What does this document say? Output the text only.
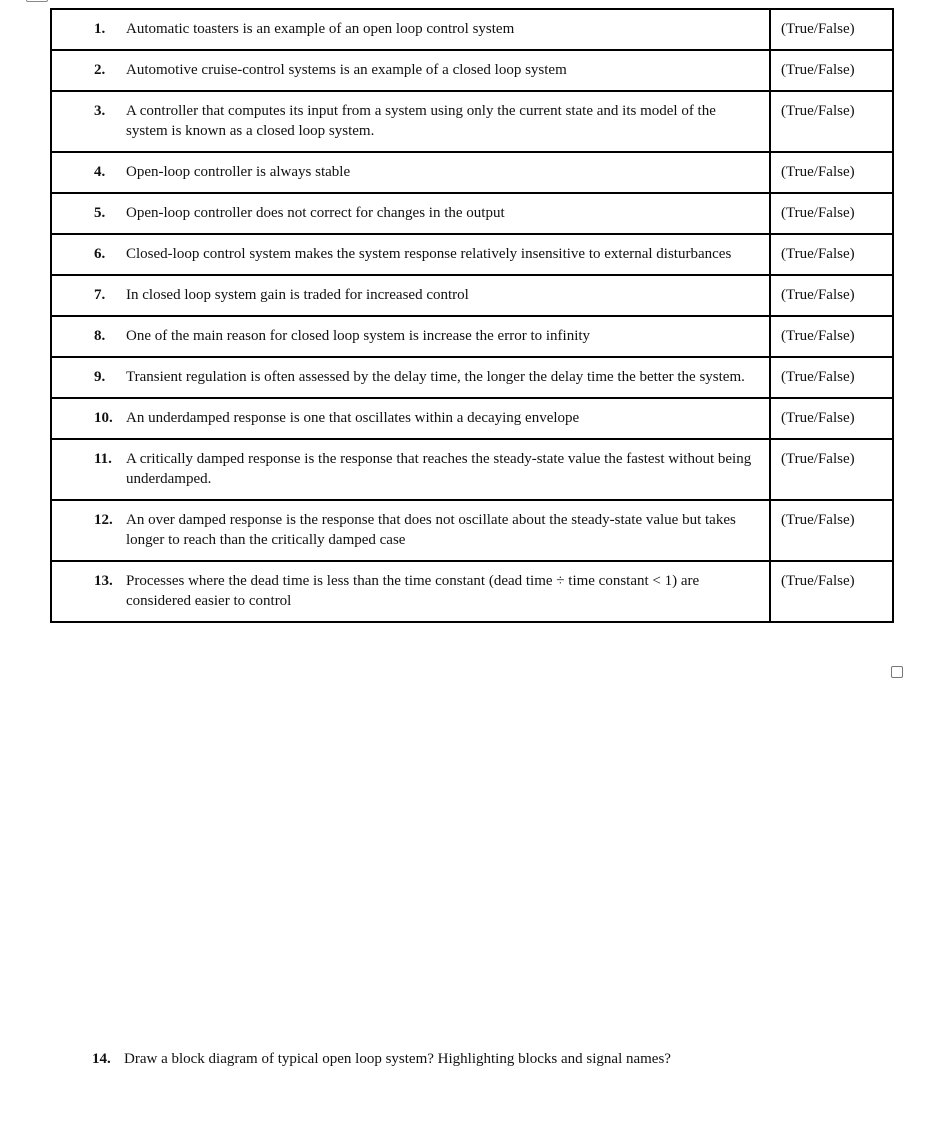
1. Automatic toasters is an example of an open loop control system	(True/False)

2. Automotive cruise-control systems is an example of a closed loop system	(True/False)

3. A controller that computes its input from a system using only the current state and its model of the system is known as a closed loop system.	(True/False)

4. Open-loop controller is always stable	(True/False)

5. Open-loop controller does not correct for changes in the output	(True/False)

6. Closed-loop control system makes the system response relatively insensitive to external disturbances	(True/False)

7. In closed loop system gain is traded for increased control	(True/False)

8. One of the main reason for closed loop system is increase the error to infinity	(True/False)

9. Transient regulation is often assessed by the delay time, the longer the delay time the better the system.	(True/False)

10. An underdamped response is one that oscillates within a decaying envelope	(True/False)

11. A critically damped response is the response that reaches the steady-state value the fastest without being underdamped.	(True/False)

12. An over damped response is the response that does not oscillate about the steady-state value but takes longer to reach than the critically damped case	(True/False)

13. Processes where the dead time is less than the time constant (dead time ÷ time constant < 1) are considered easier to control	(True/False)
14. Draw a block diagram of typical open loop system? Highlighting blocks and signal names?
